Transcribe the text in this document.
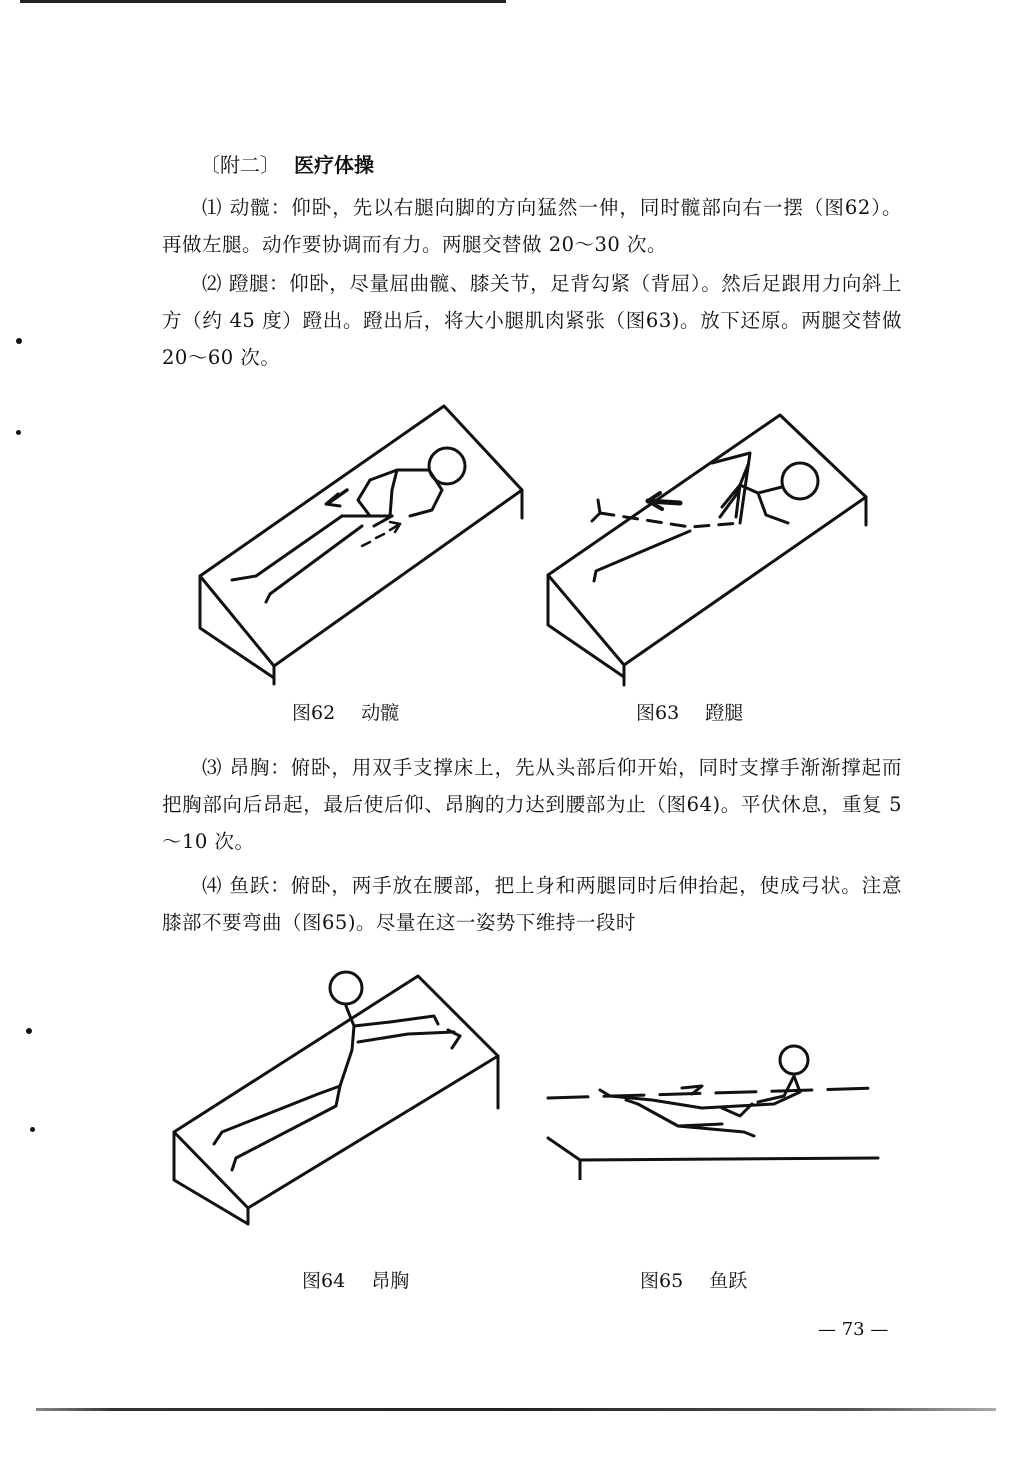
〔附二〕 医疗体操

⑴ 动髋：仰卧，先以右腿向脚的方向猛然一伸，同时髋部向右一摆（图62）。再做左腿。动作要协调而有力。两腿交替做 20～30 次。

⑵ 蹬腿：仰卧，尽量屈曲髋、膝关节，足背勾紧（背屈）。然后足跟用力向斜上方（约 45 度）蹬出。蹬出后，将大小腿肌肉紧张（图63)。放下还原。两腿交替做 20～60 次。

图62 动髋	图63 蹬腿

⑶ 昂胸：俯卧，用双手支撑床上，先从头部后仰开始，同时支撑手渐渐撑起而把胸部向后昂起，最后使后仰、昂胸的力达到腰部为止（图64)。平伏休息，重复 5～10 次。

⑷ 鱼跃：俯卧，两手放在腰部，把上身和两腿同时后伸抬起，使成弓状。注意膝部不要弯曲（图65)。尽量在这一姿势下维持一段时

图64 昂胸	图65 鱼跃

— 73 —
